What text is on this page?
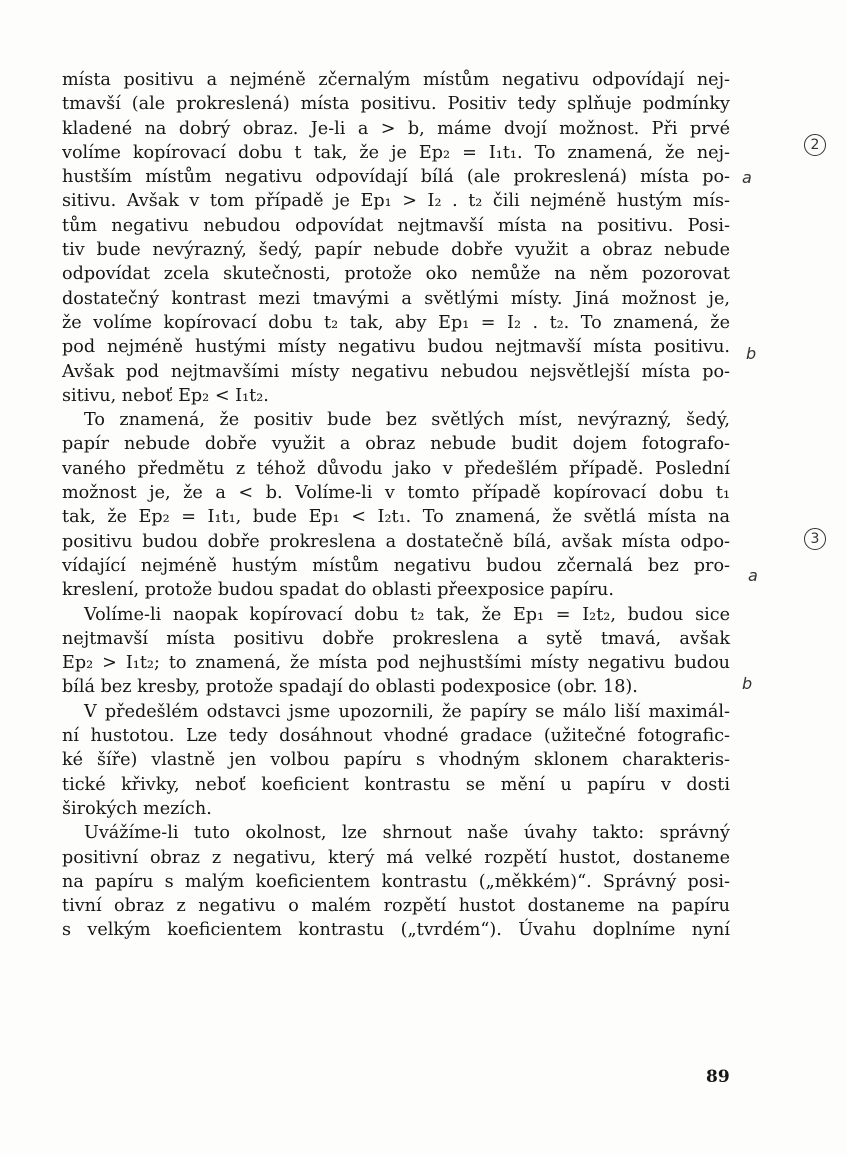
místa positivu a nejméně zčernalým místům negativu odpovídají nej-
tmavší (ale prokreslená) místa positivu. Positiv tedy splňuje podmínky
kladené na dobrý obraz. Je-li a > b, máme dvojí možnost. Při prvé
volíme kopírovací dobu t tak, že je Ep₂ = I₁t₁. To znamená, že nej-
hustším místům negativu odpovídají bílá (ale prokreslená) místa po-
sitivu. Avšak v tom případě je Ep₁ > I₂ . t₂ čili nejméně hustým mís-
tům negativu nebudou odpovídat nejtmavší místa na positivu. Posi-
tiv bude nevýrazný, šedý, papír nebude dobře využit a obraz nebude
odpovídat zcela skutečnosti, protože oko nemůže na něm pozorovat
dostatečný kontrast mezi tmavými a světlými místy. Jiná možnost je,
že volíme kopírovací dobu t₂ tak, aby Ep₁ = I₂ . t₂. To znamená, že
pod nejméně hustými místy negativu budou nejtmavší místa positivu.
Avšak pod nejtmavšími místy negativu nebudou nejsvětlejší místa po-
sitivu, neboť Ep₂ < I₁t₂.

To znamená, že positiv bude bez světlých míst, nevýrazný, šedý,
papír nebude dobře využit a obraz nebude budit dojem fotografo-
vaného předmětu z téhož důvodu jako v předešlém případě. Poslední
možnost je, že a < b. Volíme-li v tomto případě kopírovací dobu t₁
tak, že Ep₂ = I₁t₁, bude Ep₁ < I₂t₁. To znamená, že světlá místa na
positivu budou dobře prokreslena a dostatečně bílá, avšak místa odpo-
vídající nejméně hustým místům negativu budou zčernalá bez pro-
kreslení, protože budou spadat do oblasti přeexposice papíru.

Volíme-li naopak kopírovací dobu t₂ tak, že Ep₁ = I₂t₂, budou sice
nejtmavší místa positivu dobře prokreslena a sytě tmavá, avšak
Ep₂ > I₁t₂; to znamená, že místa pod nejhustšími místy negativu budou
bílá bez kresby, protože spadají do oblasti podexposice (obr. 18).

V předešlém odstavci jsme upozornili, že papíry se málo liší maximál-
ní hustotou. Lze tedy dosáhnout vhodné gradace (užitečné fotografic-
ké šíře) vlastně jen volbou papíru s vhodným sklonem charakteris-
tické křivky, neboť koeficient kontrastu se mění u papíru v dosti
širokých mezích.

Uvážíme-li tuto okolnost, lze shrnout naše úvahy takto: správný
positivní obraz z negativu, který má velké rozpětí hustot, dostaneme
na papíru s malým koeficientem kontrastu („měkkém)“. Správný posi-
tivní obraz z negativu o malém rozpětí hustot dostaneme na papíru
s velkým koeficientem kontrastu („tvrdém“). Úvahu doplníme nyní

2
a
b
3
a
b
89
